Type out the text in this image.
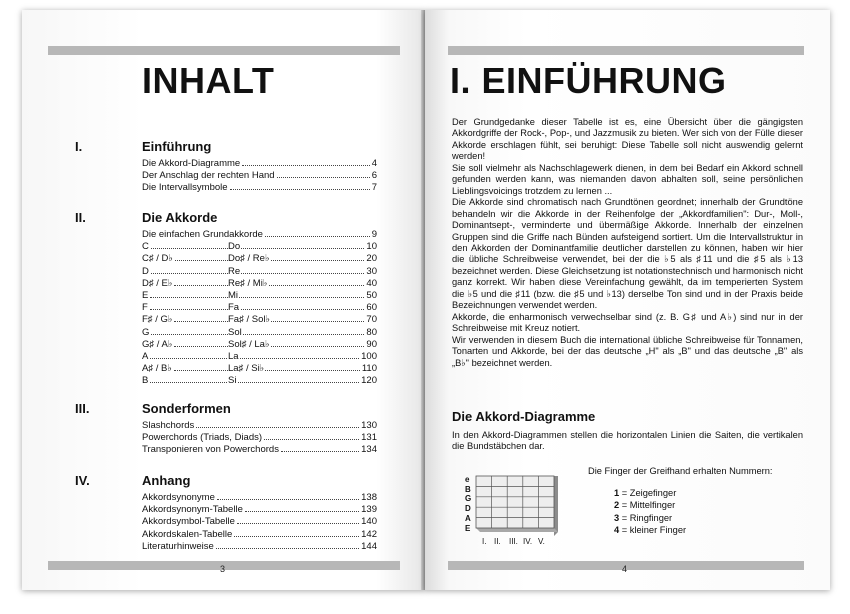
INHALT
I.	Einführung
Die Akkord-Diagramme	4
Der Anschlag der rechten Hand	6
Die Intervallsymbole	7
II.	Die Akkorde
Die einfachen Grundakkorde	9
C	Do	10
C♯ / D♭	Do♯ / Re♭	20
D	Re	30
D♯ / E♭	Re♯ / Mi♭	40
E	Mi	50
F	Fa	60
F♯ / G♭	Fa♯ / Sol♭	70
G	Sol	80
G♯ / A♭	Sol♯ / La♭	90
A	La	100
A♯ / B♭	La♯ / Si♭	110
B	Si	120
III.	Sonderformen
Slashchords	130
Powerchords (Triads, Diads)	131
Transponieren von Powerchords	134
IV.	Anhang
Akkordsynonyme	138
Akkordsynonym-Tabelle	139
Akkordsymbol-Tabelle	140
Akkordskalen-Tabelle	142
Literaturhinweise	144
3
I. EINFÜHRUNG

Der Grundgedanke dieser Tabelle ist es, eine Übersicht über die gängigsten Akkordgriffe der Rock-, Pop-, und Jazzmusik zu bieten. Wer sich von der Fülle dieser Akkorde erschlagen fühlt, sei beruhigt: Diese Tabelle soll nicht auswendig gelernt werden!

Sie soll vielmehr als Nachschlagewerk dienen, in dem bei Bedarf ein Akkord schnell gefunden werden kann, was niemanden davon abhalten soll, seine persönlichen Lieblingsvoicings trotzdem zu lernen ...

Die Akkorde sind chromatisch nach Grundtönen geordnet; innerhalb der Grundtöne behandeln wir die Akkorde in der Reihenfolge der „Akkordfamilien": Dur-, Moll-, Dominantsept-, verminderte und übermäßige Akkorde. Innerhalb der einzelnen Gruppen sind die Griffe nach Bünden aufsteigend sortiert. Um die Intervallstruktur in den Akkorden der Dominantfamilie deutlicher darstellen zu können, haben wir hier die übliche Schreibweise verwendet, bei der die ♭5 als ♯11 und die ♯5 als ♭13 bezeichnet werden. Diese Gleichsetzung ist notationstechnisch und harmonisch nicht ganz korrekt. Wir haben diese Vereinfachung gewählt, da im temperierten System die ♭5 und die ♯11 (bzw. die ♯5 und ♭13) derselbe Ton sind und in der Praxis beide Bezeichnungen verwendet werden.

Akkorde, die enharmonisch verwechselbar sind (z. B. G♯ und A♭) sind nur in der Schreibweise mit Kreuz notiert.

Wir verwenden in diesem Buch die international übliche Schreibweise für Tonnamen, Tonarten und Akkorde, bei der das deutsche „H" als „B" und das deutsche „B" als „B♭" bezeichnet werden.

Die Akkord-Diagramme

In den Akkord-Diagrammen stellen die horizontalen Linien die Saiten, die vertikalen die Bundstäbchen dar.

e
B
G
D
A
E
I. II. III. IV. V.
Die Finger der Greifhand erhalten Nummern:
1 = Zeigefinger
2 = Mittelfinger
3 = Ringfinger
4 = kleiner Finger
4
